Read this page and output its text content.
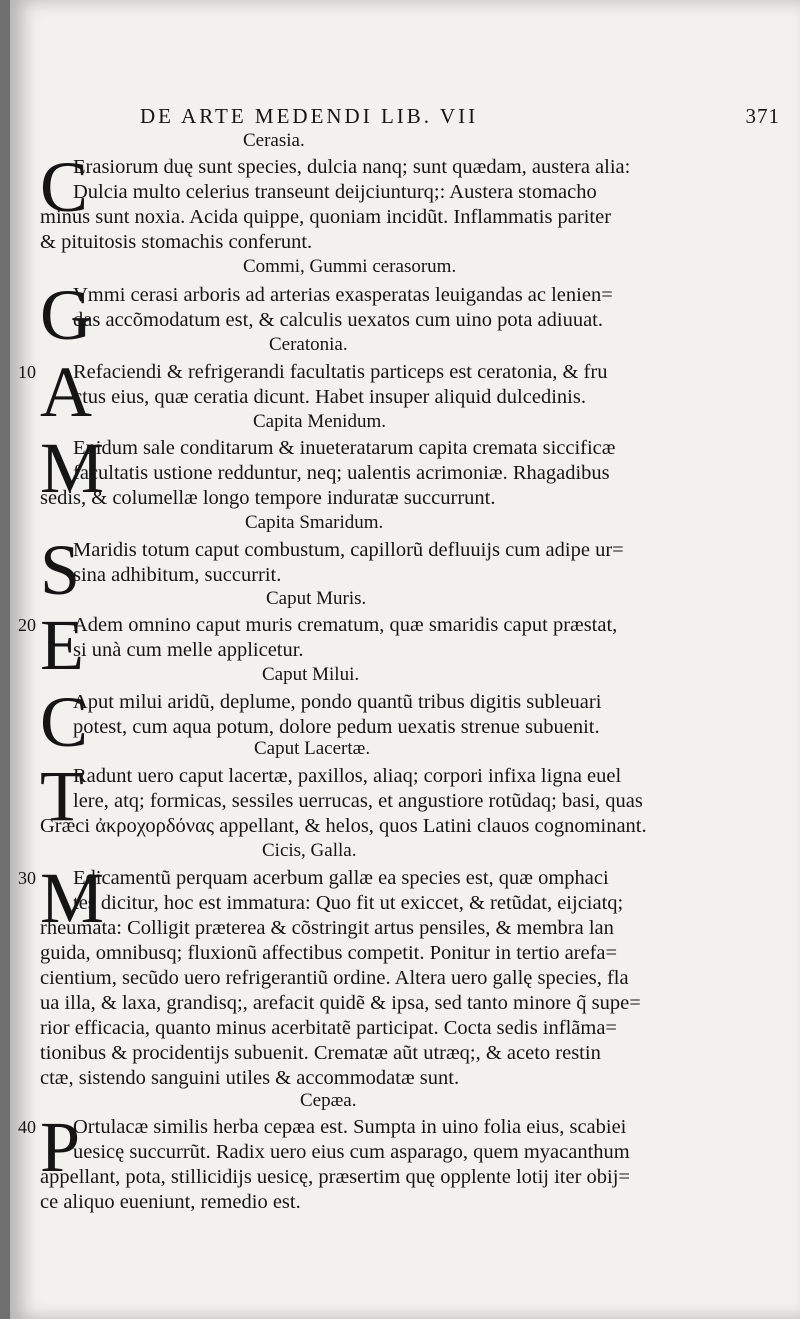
DE ARTE MEDENDI LIB. VII	371
Cerasia.
C
Erasiorum duę sunt species, dulcia nanq; sunt quædam, austera alia:
Dulcia multo celerius transeunt deijciunturq;: Austera stomacho
minus sunt noxia. Acida quippe, quoniam incidũt. Inflammatis pariter
& pituitosis stomachis conferunt.
Commi, Gummi cerasorum.
G
Vmmi cerasi arboris ad arterias exasperatas leuigandas ac lenien=
das accõmodatum est, & calculis uexatos cum uino pota adiuuat.
Ceratonia.
10 A
Refaciendi & refrigerandi facultatis particeps est ceratonia, & fru
ctus eius, quæ ceratia dicunt. Habet insuper aliquid dulcedinis.
Capita Menidum.
M
Enidum sale conditarum & inueteratarum capita cremata siccificæ
facultatis ustione redduntur, neq; ualentis acrimoniæ. Rhagadibus
sedis, & columellæ longo tempore induratæ succurrunt.
Capita Smaridum.
S
Maridis totum caput combustum, capillorũ defluuijs cum adipe ur=
sina adhibitum, succurrit.
Caput Muris.
20 E
Adem omnino caput muris crematum, quæ smaridis caput præstat,
si unà cum melle applicetur.
Caput Milui.
C
Aput milui aridũ, deplume, pondo quantũ tribus digitis subleuari
potest, cum aqua potum, dolore pedum uexatis strenue subuenit.
Caput Lacertæ.
T
Radunt uero caput lacertæ, paxillos, aliaq; corpori infixa ligna euel
lere, atq; formicas, sessiles uerrucas, et angustiore rotũdaq; basi, quas
Græci ἀκροχορδόνας appellant, & helos, quos Latini clauos cognominant.
Cicis, Galla.
30 M
Edicamentũ perquam acerbum gallæ ea species est, quæ omphaci
tes dicitur, hoc est immatura: Quo fit ut exiccet, & retũdat, eijciatq;
rheumata: Colligit præterea & cõstringit artus pensiles, & membra lan
guida, omnibusq; fluxionũ affectibus competit. Ponitur in tertio arefa=
cientium, secũdo uero refrigerantiũ ordine. Altera uero gallę species, fla
ua illa, & laxa, grandisq;, arefacit quidẽ & ipsa, sed tanto minore q̃ supe=
rior efficacia, quanto minus acerbitatẽ participat. Cocta sedis inflãma=
tionibus & procidentijs subuenit. Crematæ aũt utræq;, & aceto restin
ctæ, sistendo sanguini utiles & accommodatæ sunt.
Cepæa.
40 P
Ortulacæ similis herba cepæa est. Sumpta in uino folia eius, scabiei
uesicę succurrũt. Radix uero eius cum asparago, quem myacanthum
appellant, pota, stillicidijs uesicę, præsertim quę opplente lotij iter obij=
ce aliquo eueniunt, remedio est.
